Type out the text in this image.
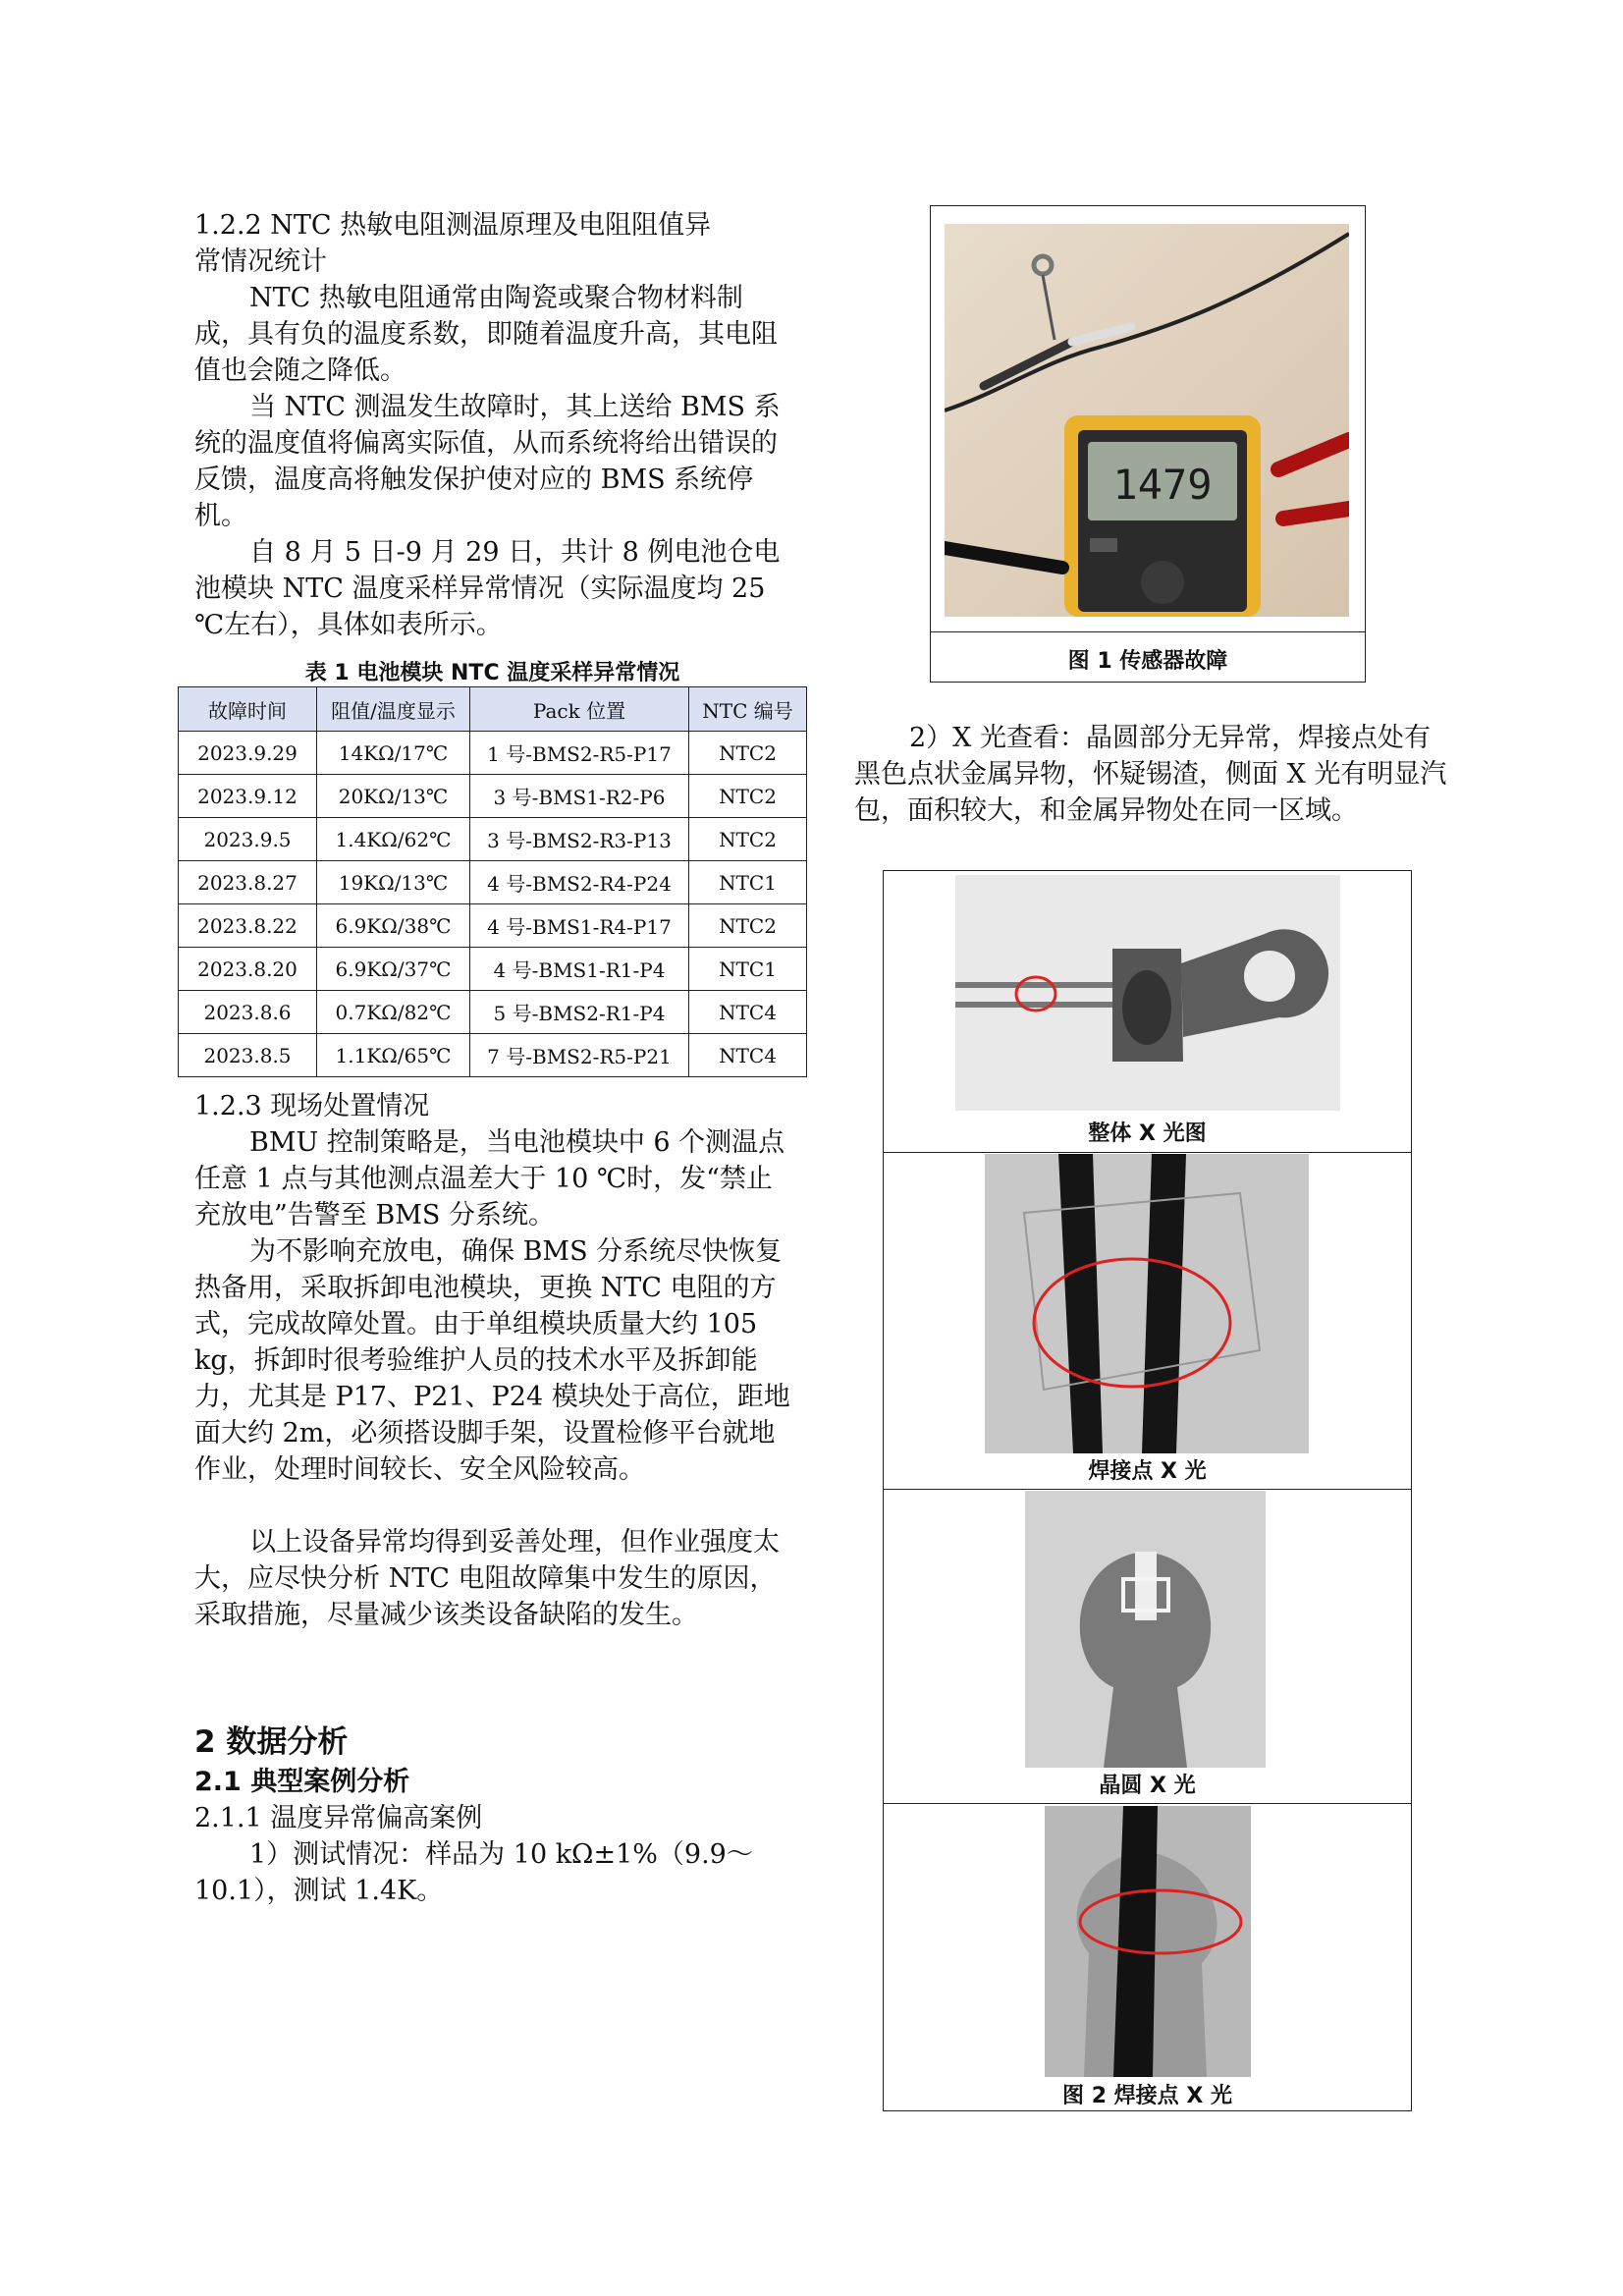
1.2.2 NTC 热敏电阻测温原理及电阻阻值异

常情况统计

NTC 热敏电阻通常由陶瓷或聚合物材料制成，具有负的温度系数，即随着温度升高，其电阻值也会随之降低。

当 NTC 测温发生故障时，其上送给 BMS 系统的温度值将偏离实际值，从而系统将给出错误的反馈，温度高将触发保护使对应的 BMS 系统停机。

自 8 月 5 日-9 月 29 日，共计 8 例电池仓电池模块 NTC 温度采样异常情况（实际温度均 25 ℃左右），具体如表所示。

表 1 电池模块 NTC 温度采样异常情况
故障时间	阻值/温度显示	Pack 位置	NTC 编号
2023.9.29	14KΩ/17℃	1 号-BMS2-R5-P17	NTC2
2023.9.12	20KΩ/13℃	3 号-BMS1-R2-P6	NTC2
2023.9.5	1.4KΩ/62℃	3 号-BMS2-R3-P13	NTC2
2023.8.27	19KΩ/13℃	4 号-BMS2-R4-P24	NTC1
2023.8.22	6.9KΩ/38℃	4 号-BMS1-R4-P17	NTC2
2023.8.20	6.9KΩ/37℃	4 号-BMS1-R1-P4	NTC1
2023.8.6	0.7KΩ/82℃	5 号-BMS2-R1-P4	NTC4
2023.8.5	1.1KΩ/65℃	7 号-BMS2-R5-P21	NTC4

1.2.3 现场处置情况

BMU 控制策略是，当电池模块中 6 个测温点任意 1 点与其他测点温差大于 10 ℃时，发“禁止充放电”告警至 BMS 分系统。

为不影响充放电，确保 BMS 分系统尽快恢复热备用，采取拆卸电池模块，更换 NTC 电阻的方式，完成故障处置。由于单组模块质量大约 105 kg，拆卸时很考验维护人员的技术水平及拆卸能力，尤其是 P17、P21、P24 模块处于高位，距地面大约 2m，必须搭设脚手架，设置检修平台就地作业，处理时间较长、安全风险较高。

以上设备异常均得到妥善处理，但作业强度太大，应尽快分析 NTC 电阻故障集中发生的原因，采取措施，尽量减少该类设备缺陷的发生。

2 数据分析

2.1 典型案例分析

2.1.1 温度异常偏高案例

1）测试情况：样品为 10 kΩ±1%（9.9～10.1），测试 1.4K。

1479
图 1 传感器故障

2）X 光查看：晶圆部分无异常，焊接点处有黑色点状金属异物，怀疑锡渣，侧面 X 光有明显汽包，面积较大，和金属异物处在同一区域。

整体 X 光图
焊接点 X 光
晶圆 X 光
图 2 焊接点 X 光
